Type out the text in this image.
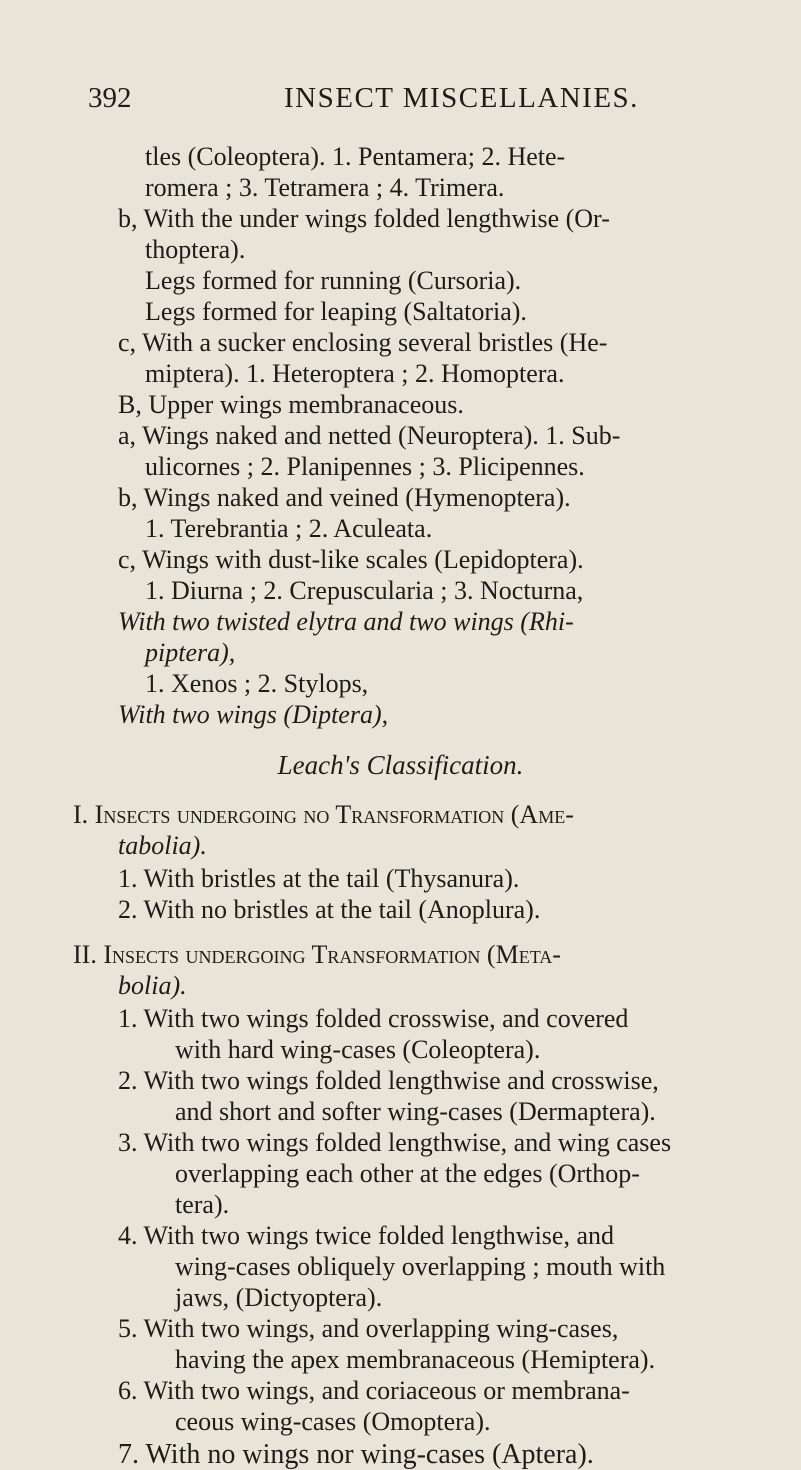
392	INSECT MISCELLANIES.
tles (Coleoptera). 1. Pentamera; 2. Hete-
romera ; 3. Tetramera ; 4. Trimera.
b, With the under wings folded lengthwise (Or-
thoptera).
Legs formed for running (Cursoria).
Legs formed for leaping (Saltatoria).
c, With a sucker enclosing several bristles (He-
miptera). 1. Heteroptera ; 2. Homoptera.
B, Upper wings membranaceous.
a, Wings naked and netted (Neuroptera). 1. Sub-
ulicornes ; 2. Planipennes ; 3. Plicipennes.
b, Wings naked and veined (Hymenoptera).
1. Terebrantia ; 2. Aculeata.
c, Wings with dust-like scales (Lepidoptera).
1. Diurna ; 2. Crepuscularia ; 3. Nocturna,
With two twisted elytra and two wings (Rhi-
piptera),
1. Xenos ; 2. Stylops,
With two wings (Diptera),
Leach's Classification.
I. Insects undergoing no Transformation (Ame-
tabolia).
1. With bristles at the tail (Thysanura).
2. With no bristles at the tail (Anoplura).
II. Insects undergoing Transformation (Meta-
bolia).
1. With two wings folded crosswise, and covered
with hard wing-cases (Coleoptera).
2. With two wings folded lengthwise and crosswise,
and short and softer wing-cases (Dermaptera).
3. With two wings folded lengthwise, and wing cases
overlapping each other at the edges (Orthop-
tera).
4. With two wings twice folded lengthwise, and
wing-cases obliquely overlapping ; mouth with
jaws, (Dictyoptera).
5. With two wings, and overlapping wing-cases,
having the apex membranaceous (Hemiptera).
6. With two wings, and coriaceous or membrana-
ceous wing-cases (Omoptera).
7. With no wings nor wing-cases (Aptera).
